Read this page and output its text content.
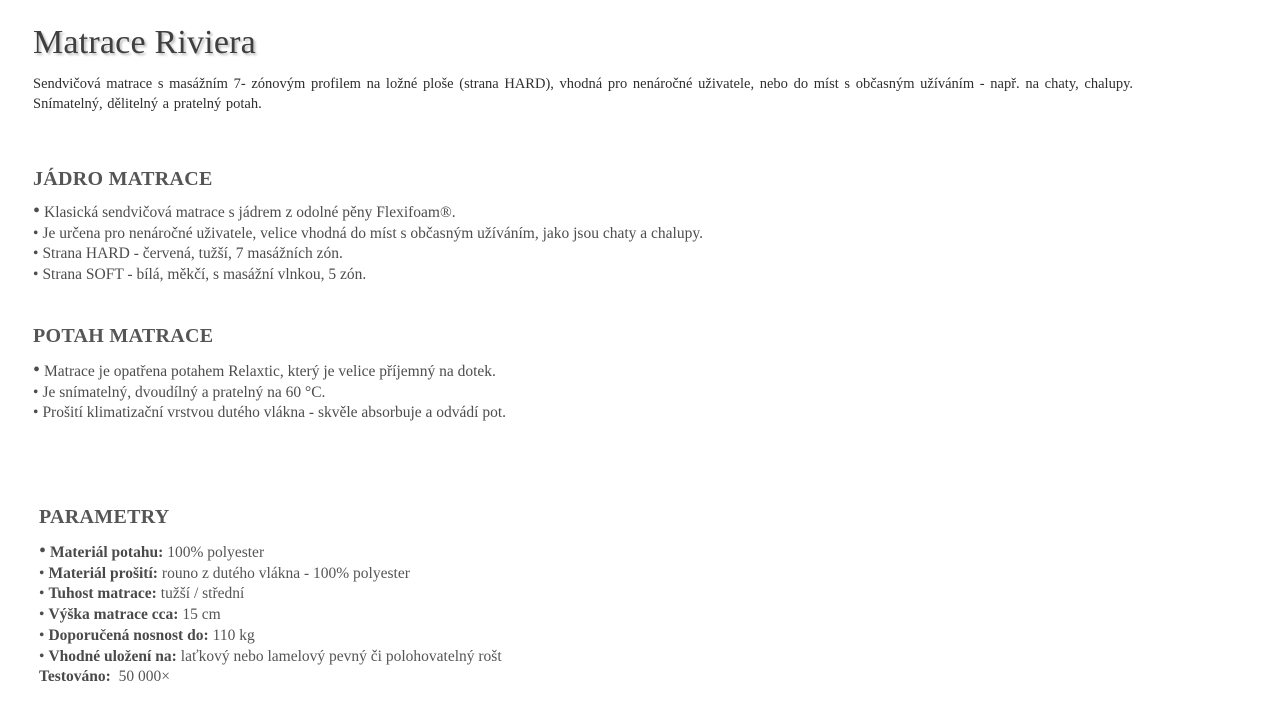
Matrace Riviera

Sendvičová matrace s masážním 7- zónovým profilem na ložné ploše (strana HARD), vhodná pro nenáročné uživatele, nebo do míst s občasným užíváním - např. na chaty, chalupy. Snímatelný, dělitelný a pratelný potah.

JÁDRO MATRACE
• Klasická sendvičová matrace s jádrem z odolné pěny Flexifoam®.
• Je určena pro nenáročné uživatele, velice vhodná do míst s občasným užíváním, jako jsou chaty a chalupy.
• Strana HARD - červená, tužší, 7 masážních zón.
• Strana SOFT - bílá, měkčí, s masážní vlnkou, 5 zón.
POTAH MATRACE
• Matrace je opatřena potahem Relaxtic, který je velice příjemný na dotek.
• Je snímatelný, dvoudílný a pratelný na 60 °C.
• Prošití klimatizační vrstvou dutého vlákna - skvěle absorbuje a odvádí pot.
PARAMETRY
• Materiál potahu: 100% polyester
• Materiál prošití: rouno z dutého vlákna - 100% polyester
• Tuhost matrace: tužší / střední
• Výška matrace cca: 15 cm
• Doporučená nosnost do: 110 kg
• Vhodné uložení na: laťkový nebo lamelový pevný či polohovatelný rošt

Testováno: 50 000×
